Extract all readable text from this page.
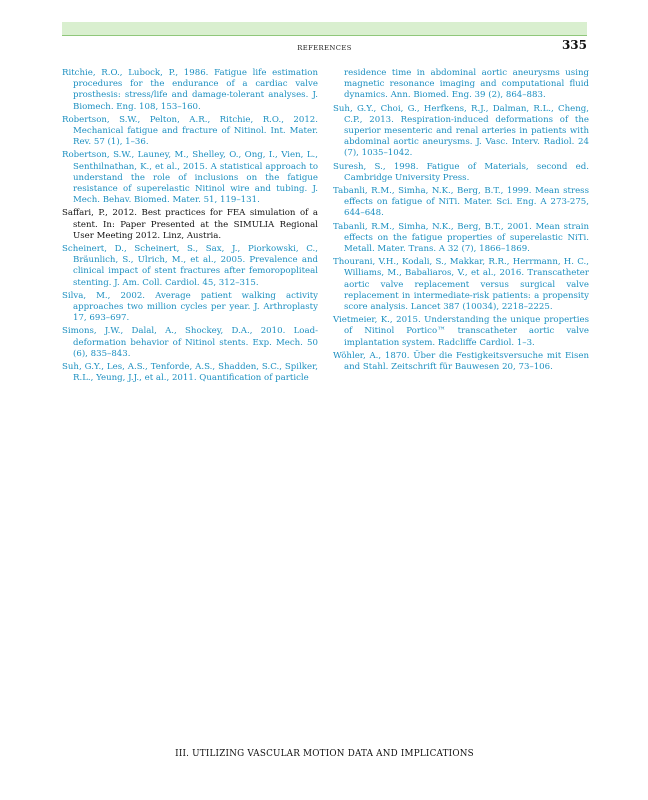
REFERENCES	335

Ritchie, R.O., Lubock, P., 1986. Fatigue life estimation procedures for the endurance of a cardiac valve prosthesis: stress/life and damage-tolerant analyses. J. Biomech. Eng. 108, 153–160.

Robertson, S.W., Pelton, A.R., Ritchie, R.O., 2012. Mechanical fatigue and fracture of Nitinol. Int. Mater. Rev. 57 (1), 1–36.

Robertson, S.W., Launey, M., Shelley, O., Ong, I., Vien, L., Senthilnathan, K., et al., 2015. A statistical approach to understand the role of inclusions on the fatigue resistance of superelastic Nitinol wire and tubing. J. Mech. Behav. Biomed. Mater. 51, 119–131.

Saffari, P., 2012. Best practices for FEA simulation of a stent. In: Paper Presented at the SIMULIA Regional User Meeting 2012. Linz, Austria.

Scheinert, D., Scheinert, S., Sax, J., Piorkowski, C., Bräunlich, S., Ulrich, M., et al., 2005. Prevalence and clinical impact of stent fractures after femoropopliteal stenting. J. Am. Coll. Cardiol. 45, 312–315.

Silva, M., 2002. Average patient walking activity approaches two million cycles per year. J. Arthroplasty 17, 693–697.

Simons, J.W., Dalal, A., Shockey, D.A., 2010. Load-deformation behavior of Nitinol stents. Exp. Mech. 50 (6), 835–843.

Suh, G.Y., Les, A.S., Tenforde, A.S., Shadden, S.C., Spilker, R.L., Yeung, J.J., et al., 2011. Quantification of particle

residence time in abdominal aortic aneurysms using magnetic resonance imaging and computational fluid dynamics. Ann. Biomed. Eng. 39 (2), 864–883.

Suh, G.Y., Choi, G., Herfkens, R.J., Dalman, R.L., Cheng, C.P., 2013. Respiration-induced deformations of the superior mesenteric and renal arteries in patients with abdominal aortic aneurysms. J. Vasc. Interv. Radiol. 24 (7), 1035–1042.

Suresh, S., 1998. Fatigue of Materials, second ed. Cambridge University Press.

Tabanli, R.M., Simha, N.K., Berg, B.T., 1999. Mean stress effects on fatigue of NiTi. Mater. Sci. Eng. A 273-275, 644–648.

Tabanli, R.M., Simha, N.K., Berg, B.T., 2001. Mean strain effects on the fatigue properties of superelastic NiTi. Metall. Mater. Trans. A 32 (7), 1866–1869.

Thourani, V.H., Kodali, S., Makkar, R.R., Herrmann, H. C., Williams, M., Babaliaros, V., et al., 2016. Transcatheter aortic valve replacement versus surgical valve replacement in intermediate-risk patients: a propensity score analysis. Lancet 387 (10034), 2218–2225.

Vietmeier, K., 2015. Understanding the unique properties of Nitinol Portico™ transcatheter aortic valve implantation system. Radcliffe Cardiol. 1–3.

Wöhler, A., 1870. Über die Festigkeitsversuche mit Eisen and Stahl. Zeitschrift für Bauwesen 20, 73–106.

III. UTILIZING VASCULAR MOTION DATA AND IMPLICATIONS
